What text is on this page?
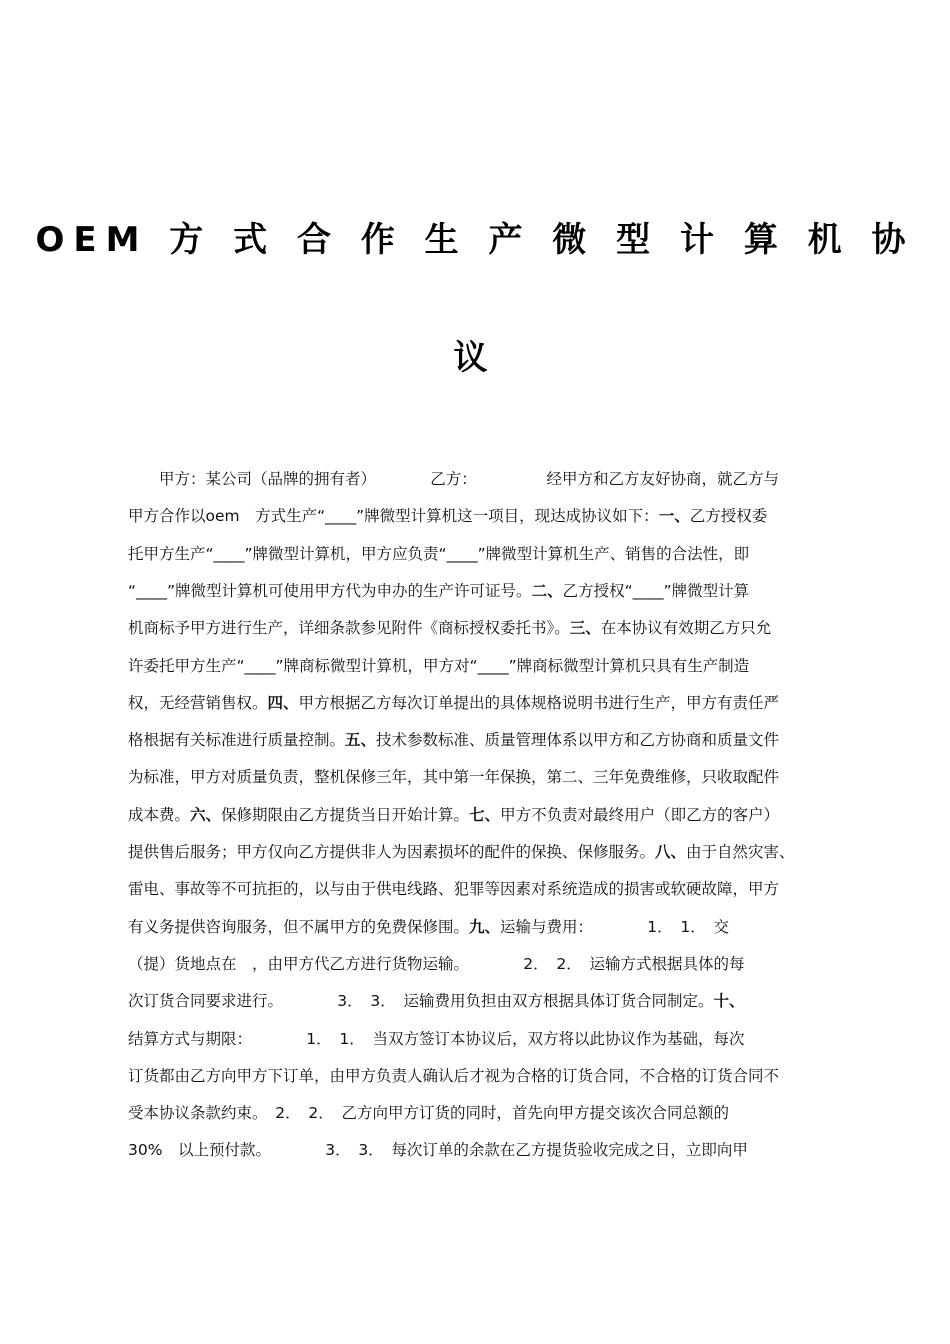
OEM 方 式 合 作 生 产 微 型 计 算 机 协
议
　　甲方：某公司（品牌的拥有者）　　　　乙方：　　　　　经甲方和乙方友好协商，就乙方与
甲方合作以oem　方式生产“____”牌微型计算机这一项目，现达成协议如下：一、乙方授权委
托甲方生产“____”牌微型计算机，甲方应负责“____”牌微型计算机生产、销售的合法性，即
“____”牌微型计算机可使用甲方代为申办的生产许可证号。二、乙方授权“____”牌微型计算
机商标予甲方进行生产，详细条款参见附件《商标授权委托书》。三、在本协议有效期乙方只允
许委托甲方生产“____”牌商标微型计算机，甲方对“____”牌商标微型计算机只具有生产制造
权，无经营销售权。四、甲方根据乙方每次订单提出的具体规格说明书进行生产，甲方有责任严
格根据有关标准进行质量控制。五、技术参数标准、质量管理体系以甲方和乙方协商和质量文件
为标准，甲方对质量负责，整机保修三年，其中第一年保换，第二、三年免费维修，只收取配件
成本费。六、保修期限由乙方提货当日开始计算。七、甲方不负责对最终用户（即乙方的客户）
提供售后服务；甲方仅向乙方提供非人为因素损坏的配件的保换、保修服务。八、由于自然灾害、
雷电、事故等不可抗拒的，以与由于供电线路、犯罪等因素对系统造成的损害或软硬故障，甲方
有义务提供咨询服务，但不属甲方的免费保修围。九、运输与费用：　　　　1．　1．　交
（提）货地点在　，由甲方代乙方进行货物运输。　　　　2．　2．　运输方式根据具体的每
次订货合同要求进行。　　　　3．　3．　运输费用负担由双方根据具体订货合同制定。十、
结算方式与期限：　　　　1．　1．　当双方签订本协议后，双方将以此协议作为基础，每次
订货都由乙方向甲方下订单，由甲方负责人确认后才视为合格的订货合同，不合格的订货合同不
受本协议条款约束。　2．　2．　乙方向甲方订货的同时，首先向甲方提交该次合同总额的
30%　以上预付款。　　　　3．　3．　每次订单的余款在乙方提货验收完成之日，立即向甲
